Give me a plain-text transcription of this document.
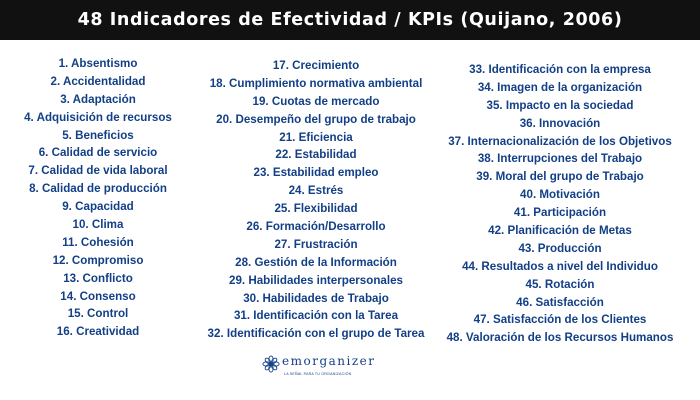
48 Indicadores de Efectividad / KPIs (Quijano, 2006)
1. Absentismo
2. Accidentalidad
3. Adaptación
4. Adquisición de recursos
5. Beneficios
6. Calidad de servicio
7. Calidad de vida laboral
8. Calidad de producción
9. Capacidad
10. Clima
11. Cohesión
12. Compromiso
13. Conflicto
14. Consenso
15. Control
16. Creatividad
17. Crecimiento
18. Cumplimiento normativa ambiental
19. Cuotas de mercado
20. Desempeño del grupo de trabajo
21. Eficiencia
22. Estabilidad
23. Estabilidad empleo
24. Estrés
25. Flexibilidad
26. Formación/Desarrollo
27. Frustración
28. Gestión de la Información
29. Habilidades interpersonales
30. Habilidades de Trabajo
31. Identificación con la Tarea
32. Identificación con el grupo de Tarea
33. Identificación con la empresa
34. Imagen de la organización
35. Impacto en la sociedad
36. Innovación
37. Internacionalización de los Objetivos
38. Interrupciones del Trabajo
39. Moral del grupo de Trabajo
40. Motivación
41. Participación
42. Planificación de Metas
43. Producción
44. Resultados a nivel del Individuo
45. Rotación
46. Satisfacción
47. Satisfacción de los Clientes
48. Valoración de los Recursos Humanos
emorganizer
LA SEÑAL PARA TU ORGANIZACIÓN
